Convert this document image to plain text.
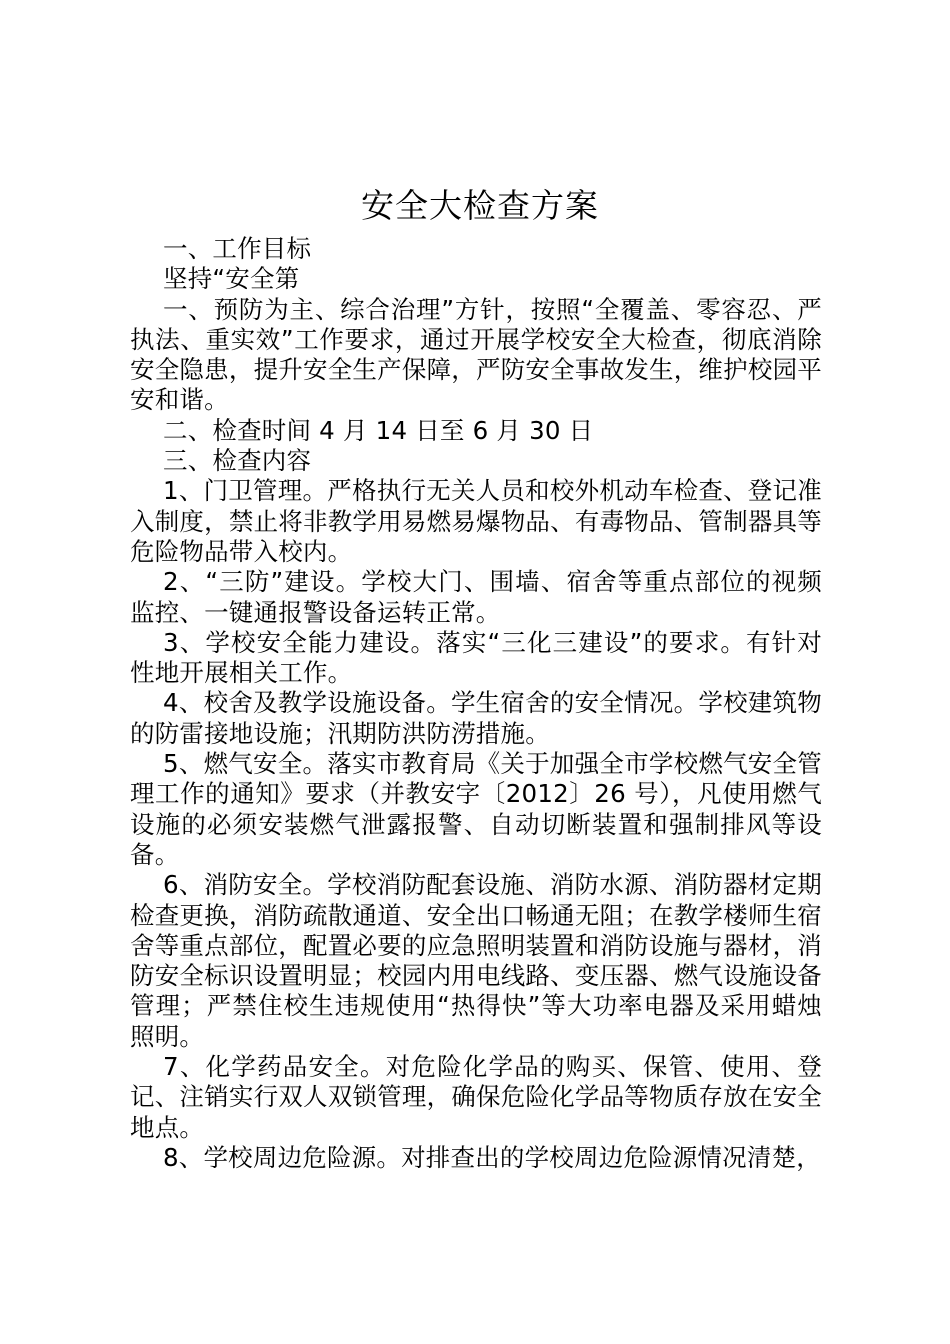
安全大检查方案

一、工作目标

坚持“安全第

一、预防为主、综合治理”方针，按照“全覆盖、零容忍、严执法、重实效”工作要求，通过开展学校安全大检查，彻底消除安全隐患，提升安全生产保障，严防安全事故发生，维护校园平安和谐。

二、检查时间 4 月 14 日至 6 月 30 日

三、检查内容

1、门卫管理。严格执行无关人员和校外机动车检查、登记准入制度，禁止将非教学用易燃易爆物品、有毒物品、管制器具等危险物品带入校内。

2、“三防”建设。学校大门、围墙、宿舍等重点部位的视频监控、一键通报警设备运转正常。

3、学校安全能力建设。落实“三化三建设”的要求。有针对性地开展相关工作。

4、校舍及教学设施设备。学生宿舍的安全情况。学校建筑物的防雷接地设施；汛期防洪防涝措施。

5、燃气安全。落实市教育局《关于加强全市学校燃气安全管理工作的通知》要求（并教安字〔2012〕26 号），凡使用燃气设施的必须安装燃气泄露报警、自动切断装置和强制排风等设备。

6、消防安全。学校消防配套设施、消防水源、消防器材定期检查更换，消防疏散通道、安全出口畅通无阻；在教学楼师生宿舍等重点部位，配置必要的应急照明装置和消防设施与器材，消防安全标识设置明显；校园内用电线路、变压器、燃气设施设备管理；严禁住校生违规使用“热得快”等大功率电器及采用蜡烛照明。

7、化学药品安全。对危险化学品的购买、保管、使用、登记、注销实行双人双锁管理，确保危险化学品等物质存放在安全地点。

8、学校周边危险源。对排查出的学校周边危险源情况清楚，
